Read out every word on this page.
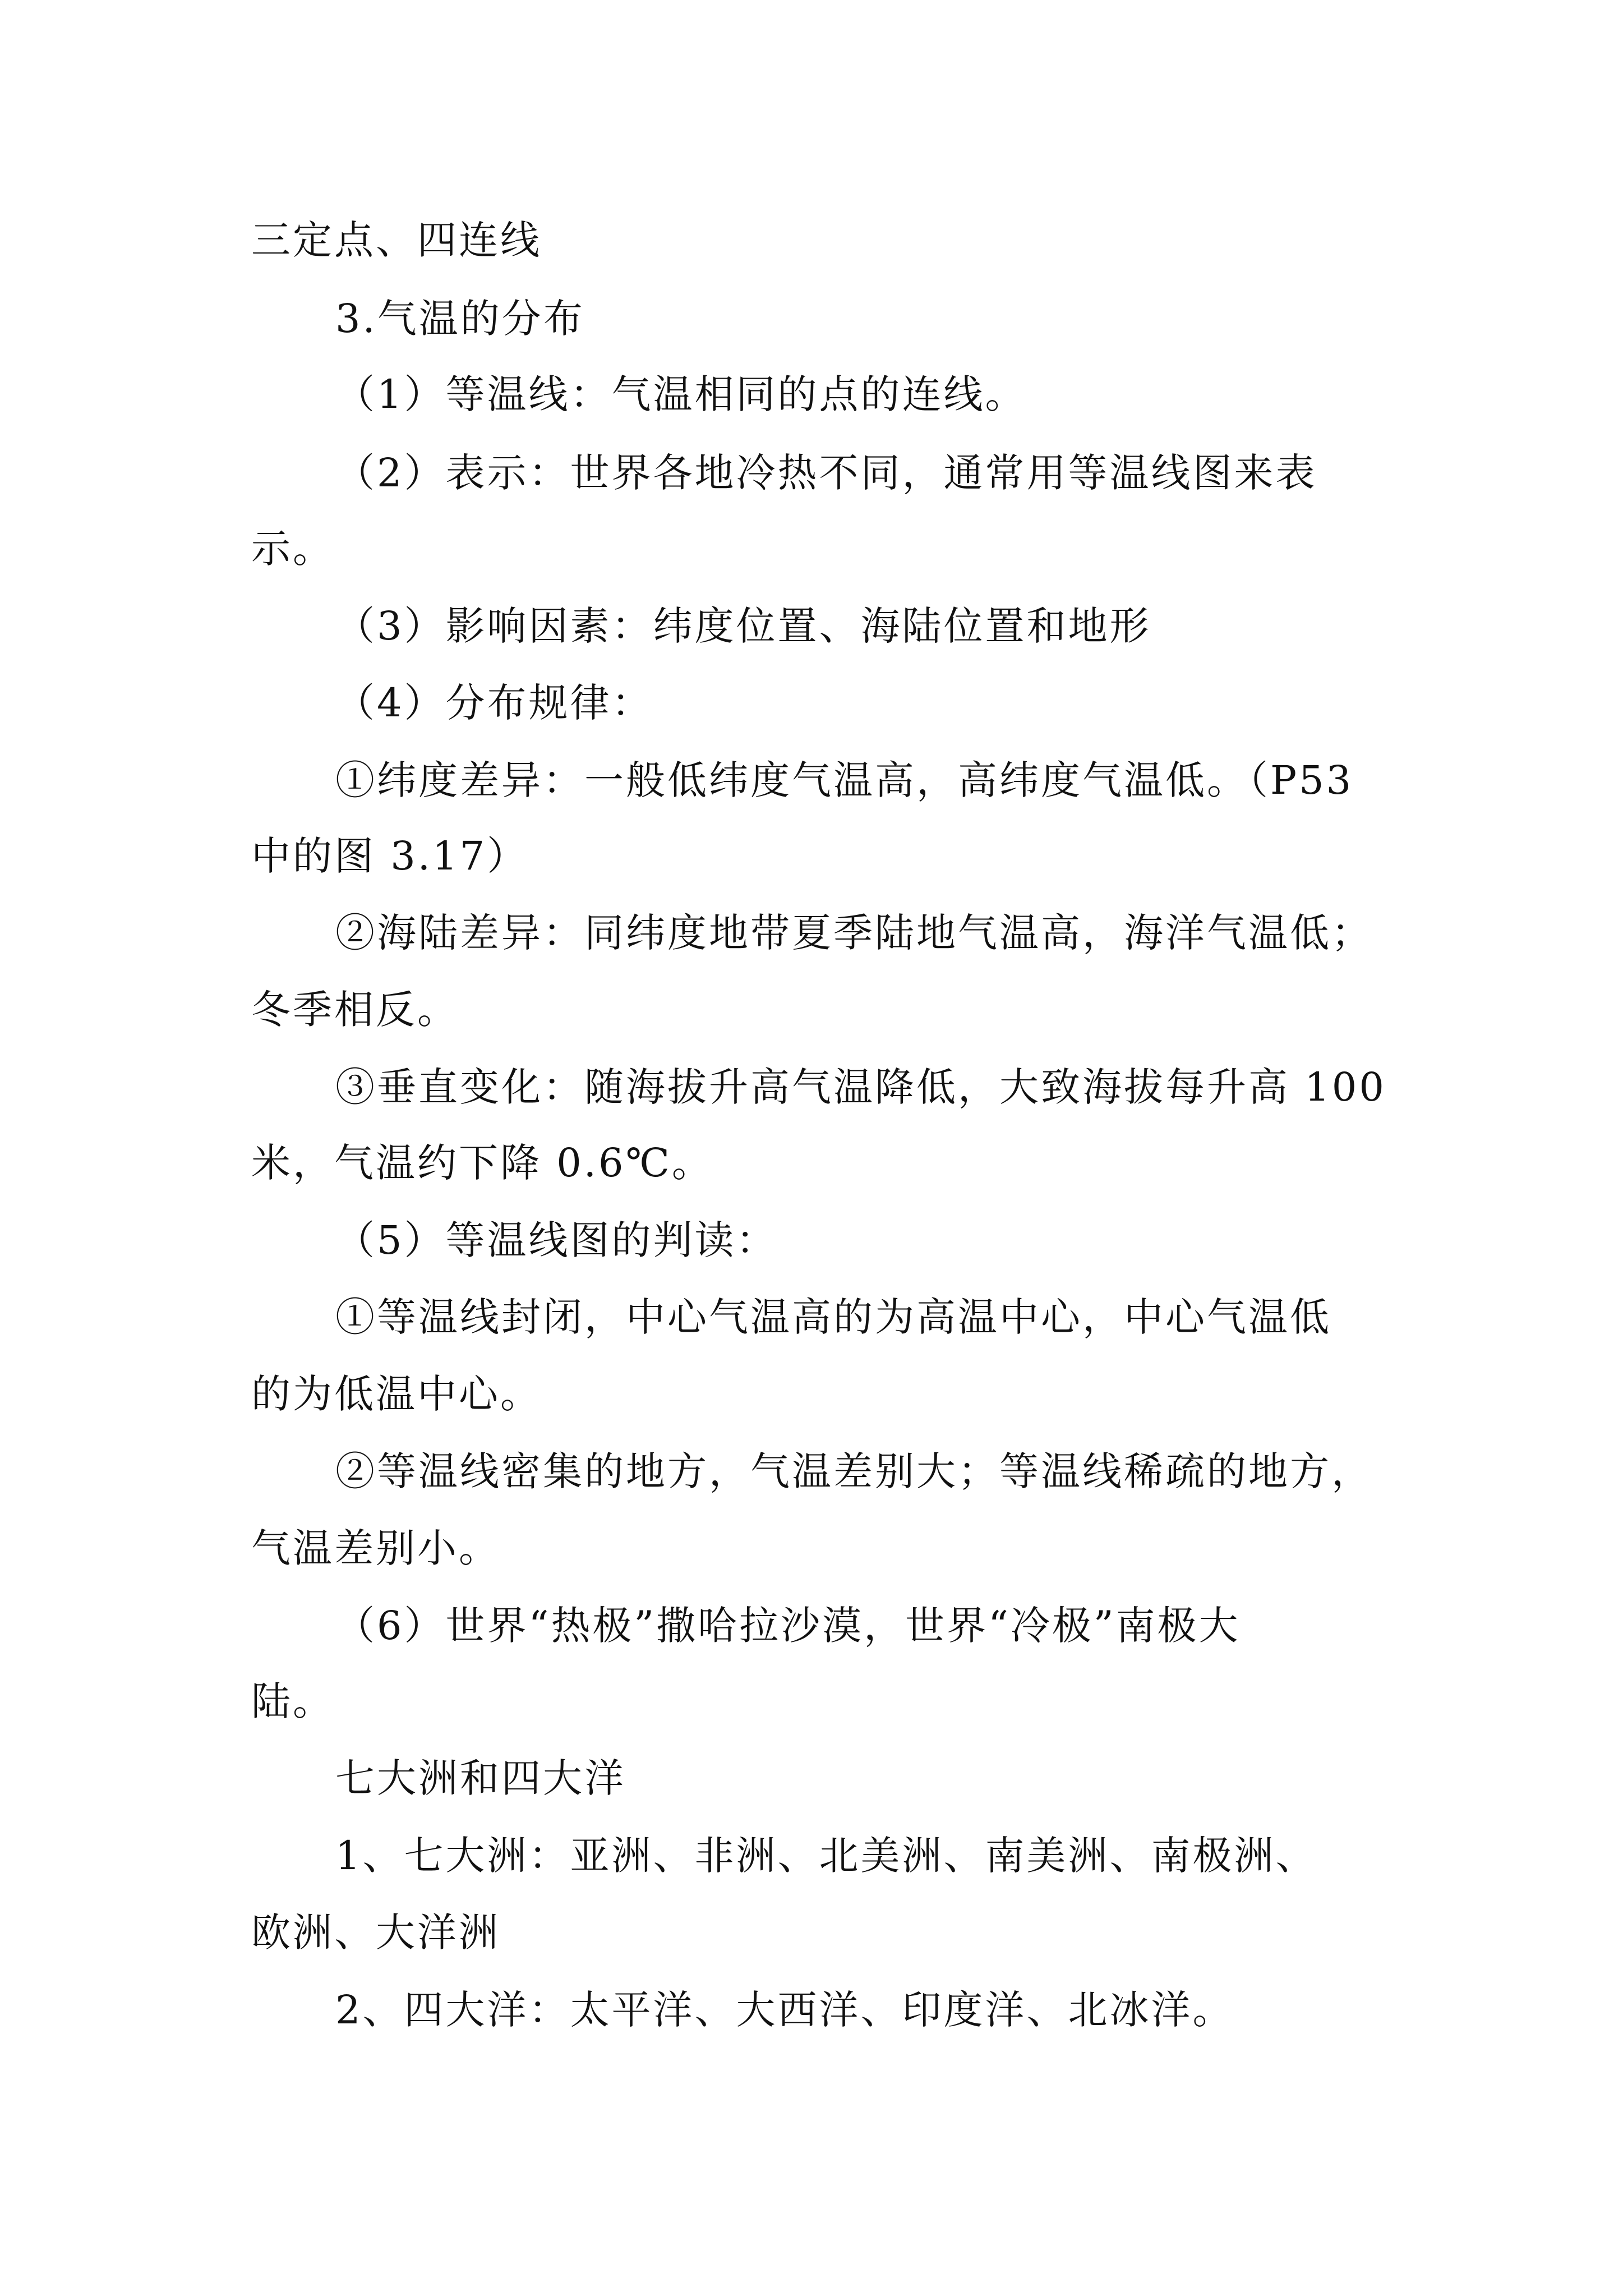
三定点、四连线
3.气温的分布
（1）等温线：气温相同的点的连线。
（2）表示：世界各地冷热不同，通常用等温线图来表
示。
（3）影响因素：纬度位置、海陆位置和地形
（4）分布规律：
①纬度差异：一般低纬度气温高，高纬度气温低。（P53
中的图 3.17）
②海陆差异：同纬度地带夏季陆地气温高，海洋气温低；
冬季相反。
③垂直变化：随海拔升高气温降低，大致海拔每升高 100
米，气温约下降 0.6℃。
（5）等温线图的判读：
①等温线封闭，中心气温高的为高温中心，中心气温低
的为低温中心。
②等温线密集的地方，气温差别大；等温线稀疏的地方，
气温差别小。
（6）世界“热极”撒哈拉沙漠，世界“冷极”南极大
陆。
七大洲和四大洋
1、七大洲：亚洲、非洲、北美洲、南美洲、南极洲、
欧洲、大洋洲
2、四大洋：太平洋、大西洋、印度洋、北冰洋。
